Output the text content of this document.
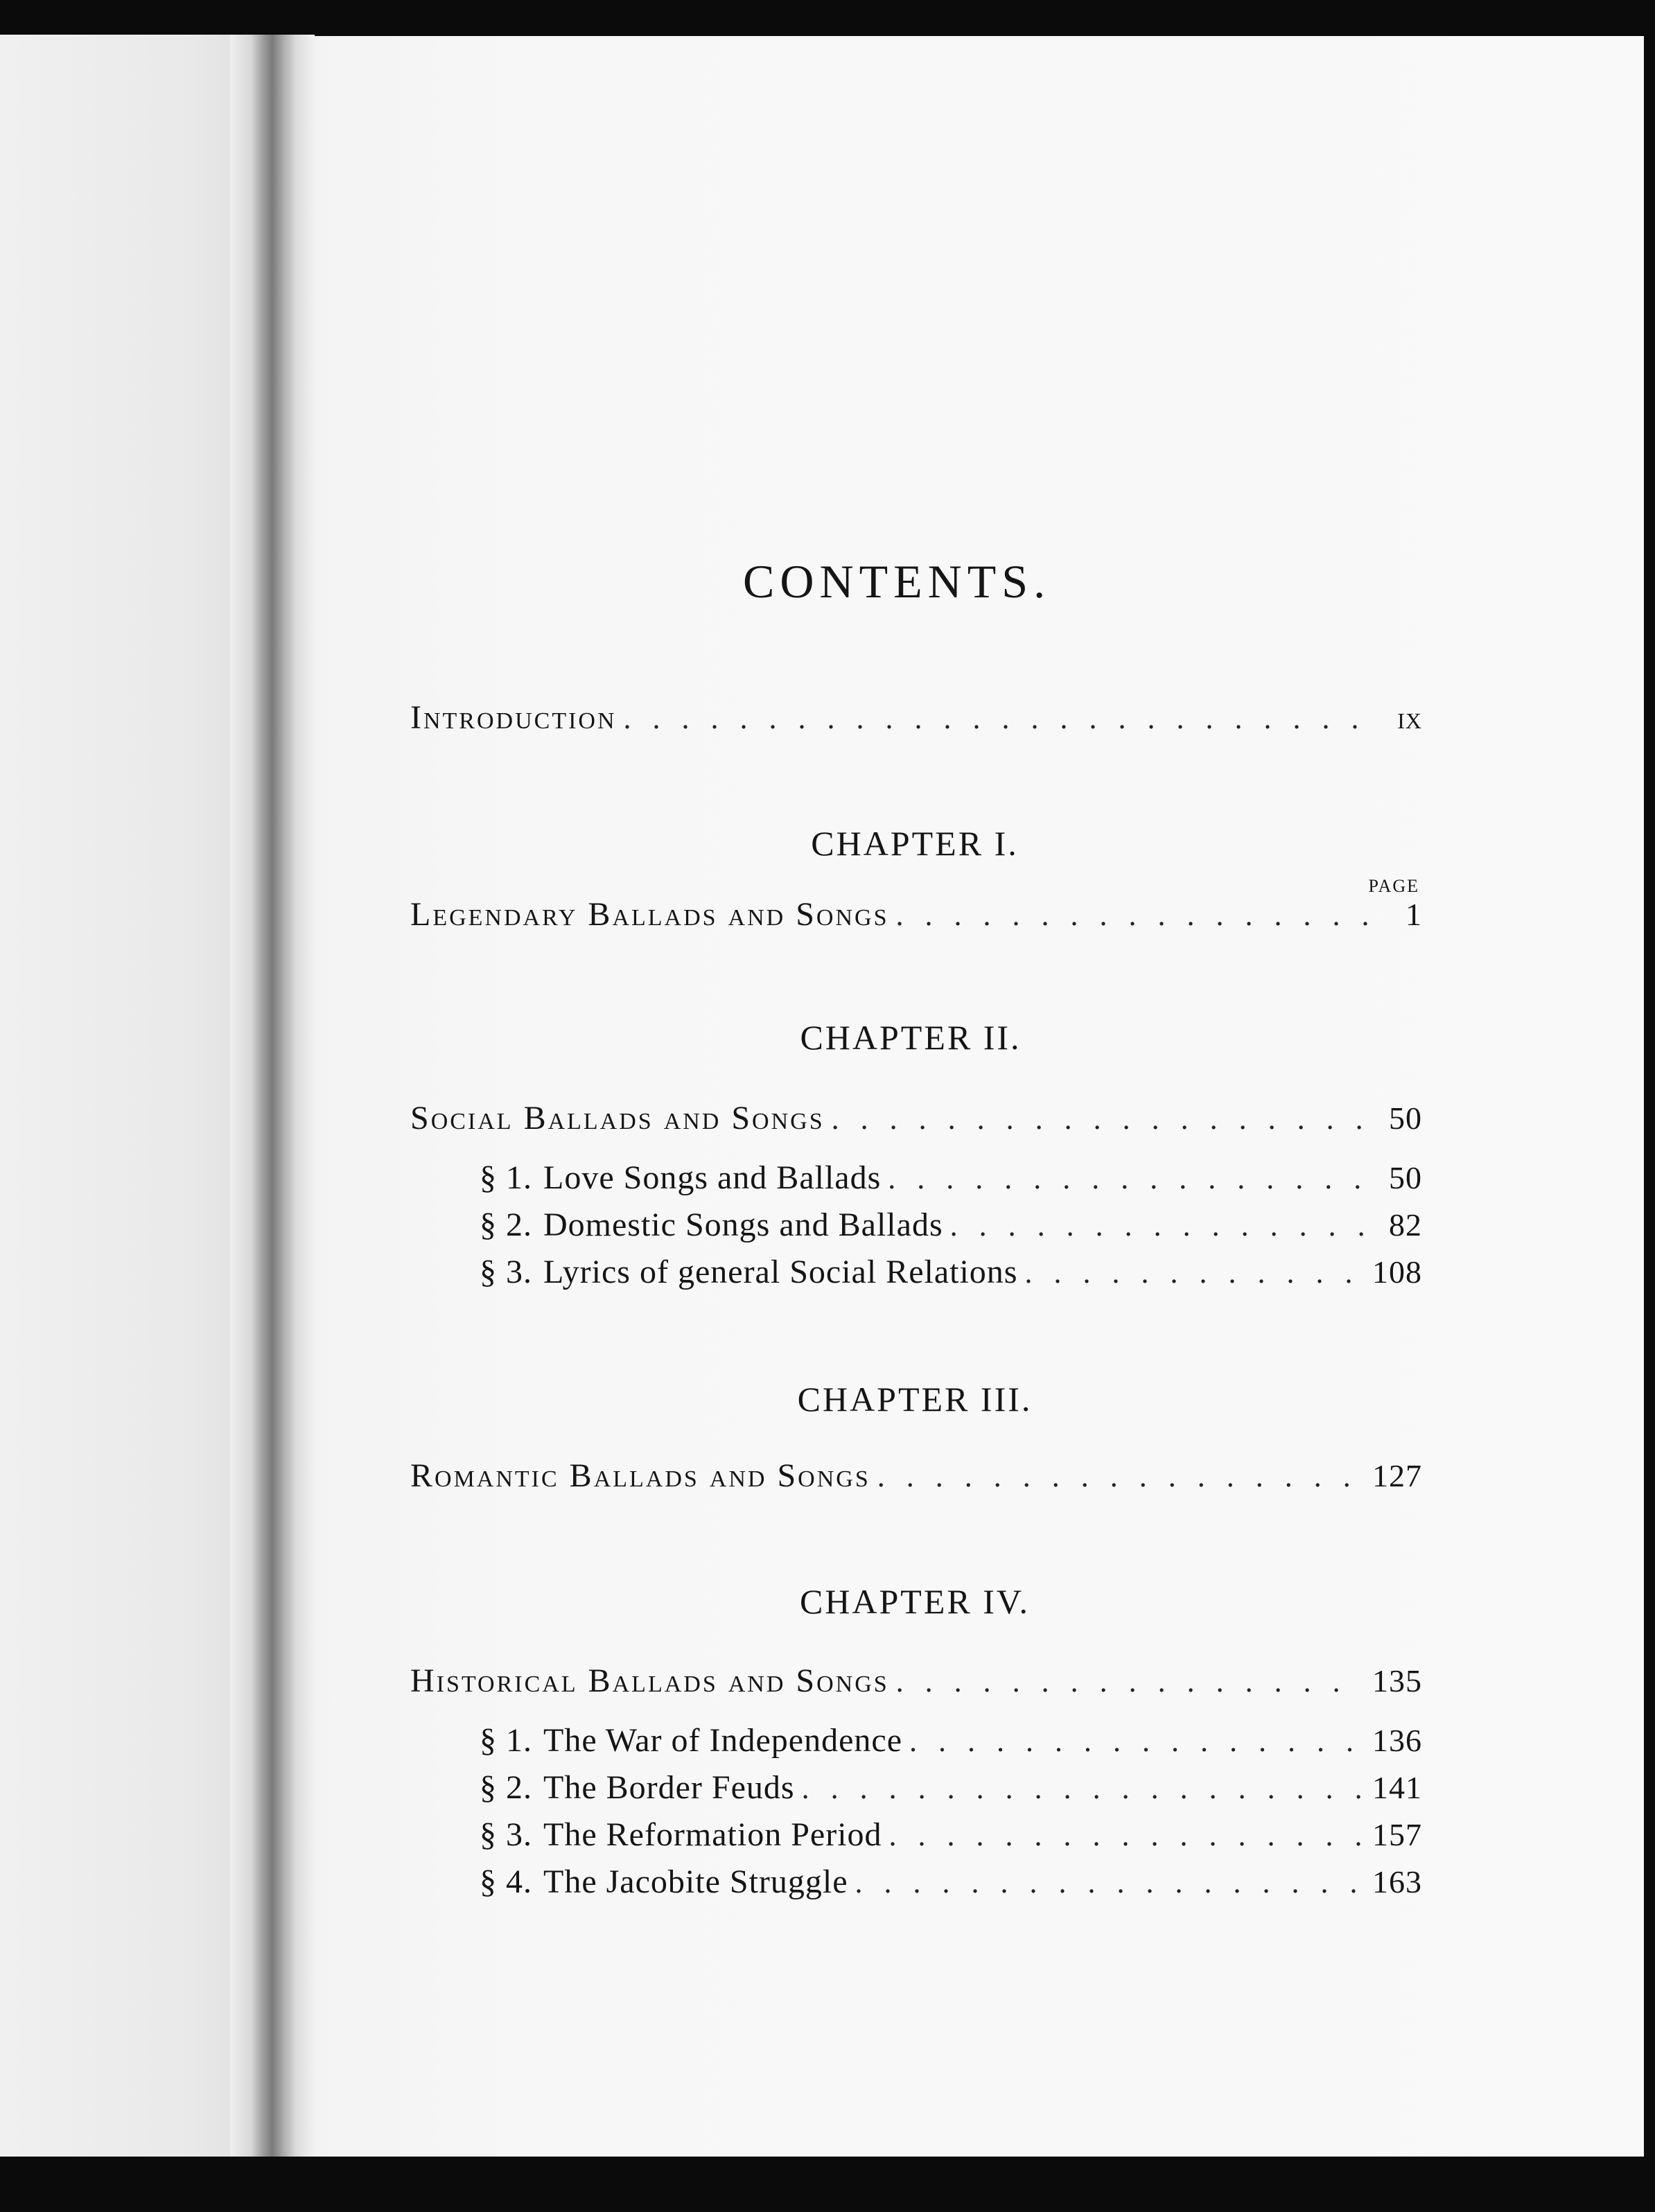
CONTENTS.
Introduction . . .	ix
CHAPTER I.
PAGE
Legendary Ballads and Songs . . .	1
CHAPTER II.
Social Ballads and Songs . . .	50
§ 1. Love Songs and Ballads . . .	50
§ 2. Domestic Songs and Ballads . . .	82
§ 3. Lyrics of general Social Relations . . .	108
CHAPTER III.
Romantic Ballads and Songs . . .	127
CHAPTER IV.
Historical Ballads and Songs . . .	135
§ 1. The War of Independence . . .	136
§ 2. The Border Feuds . . .	141
§ 3. The Reformation Period . . .	157
§ 4. The Jacobite Struggle . . .	163
